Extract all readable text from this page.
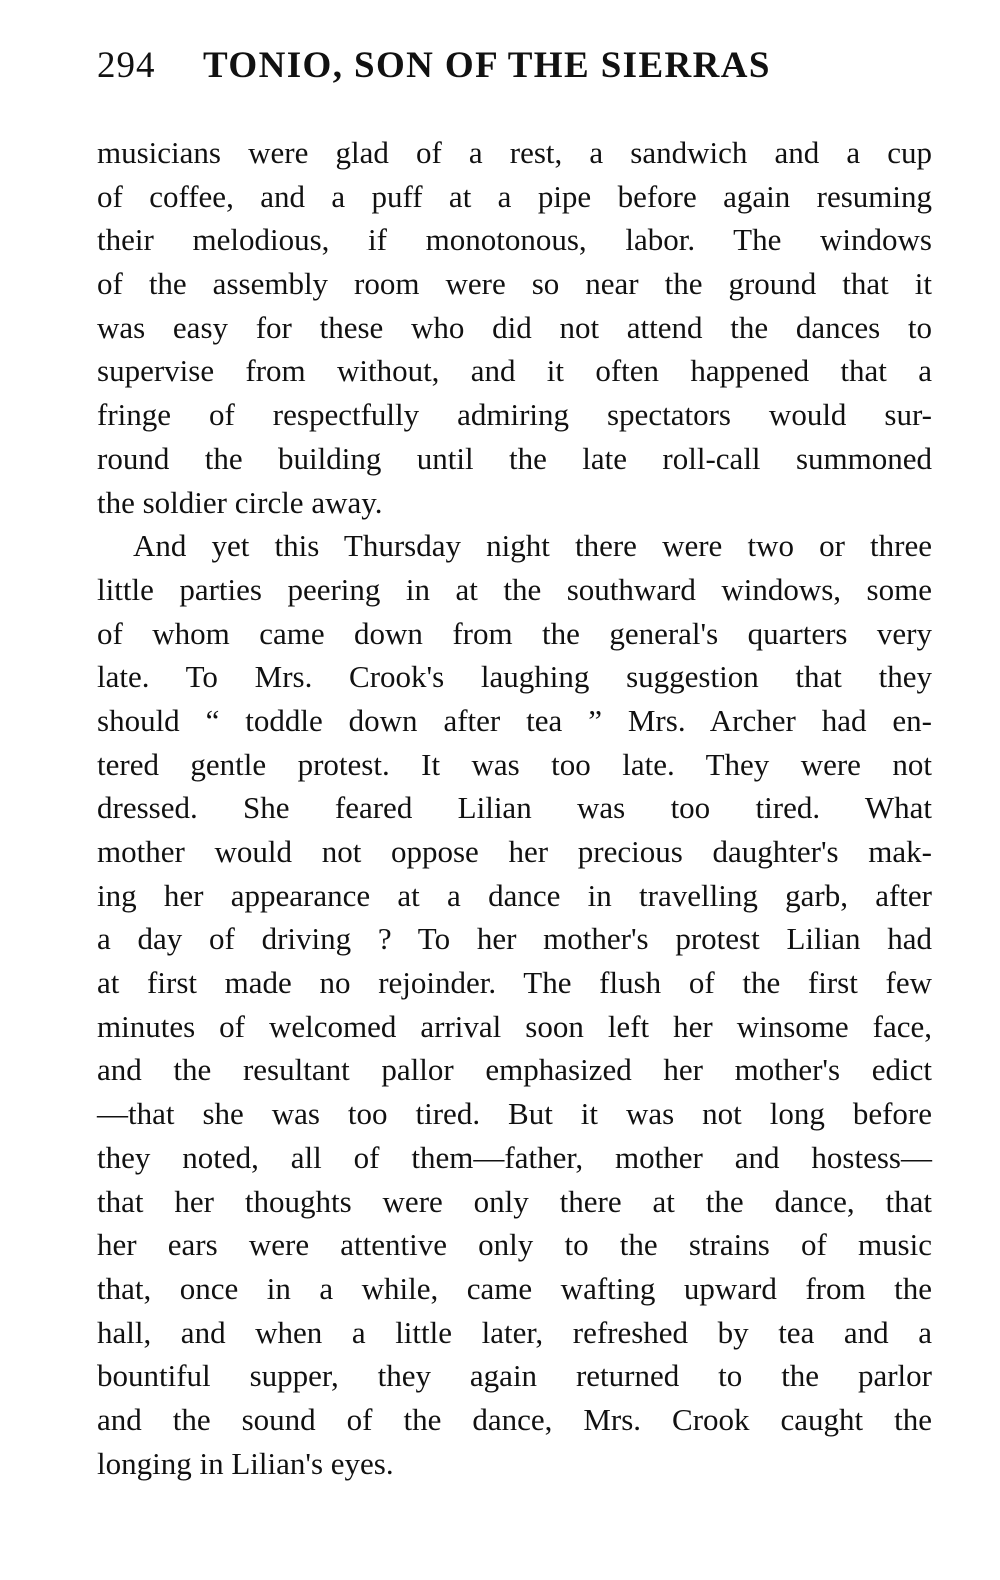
294 TONIO, SON OF THE SIERRAS
musicians were glad of a rest, a sandwich and a cup
of coffee, and a puff at a pipe before again resuming
their melodious, if monotonous, labor. The windows
of the assembly room were so near the ground that it
was easy for these who did not attend the dances to
supervise from without, and it often happened that a
fringe of respectfully admiring spectators would sur-
round the building until the late roll-call summoned
the soldier circle away.
And yet this Thursday night there were two or three
little parties peering in at the southward windows, some
of whom came down from the general's quarters very
late. To Mrs. Crook's laughing suggestion that they
should “ toddle down after tea ” Mrs. Archer had en-
tered gentle protest. It was too late. They were not
dressed. She feared Lilian was too tired. What
mother would not oppose her precious daughter's mak-
ing her appearance at a dance in travelling garb, after
a day of driving ? To her mother's protest Lilian had
at first made no rejoinder. The flush of the first few
minutes of welcomed arrival soon left her winsome face,
and the resultant pallor emphasized her mother's edict
—that she was too tired. But it was not long before
they noted, all of them—father, mother and hostess—
that her thoughts were only there at the dance, that
her ears were attentive only to the strains of music
that, once in a while, came wafting upward from the
hall, and when a little later, refreshed by tea and a
bountiful supper, they again returned to the parlor
and the sound of the dance, Mrs. Crook caught the
longing in Lilian's eyes.
